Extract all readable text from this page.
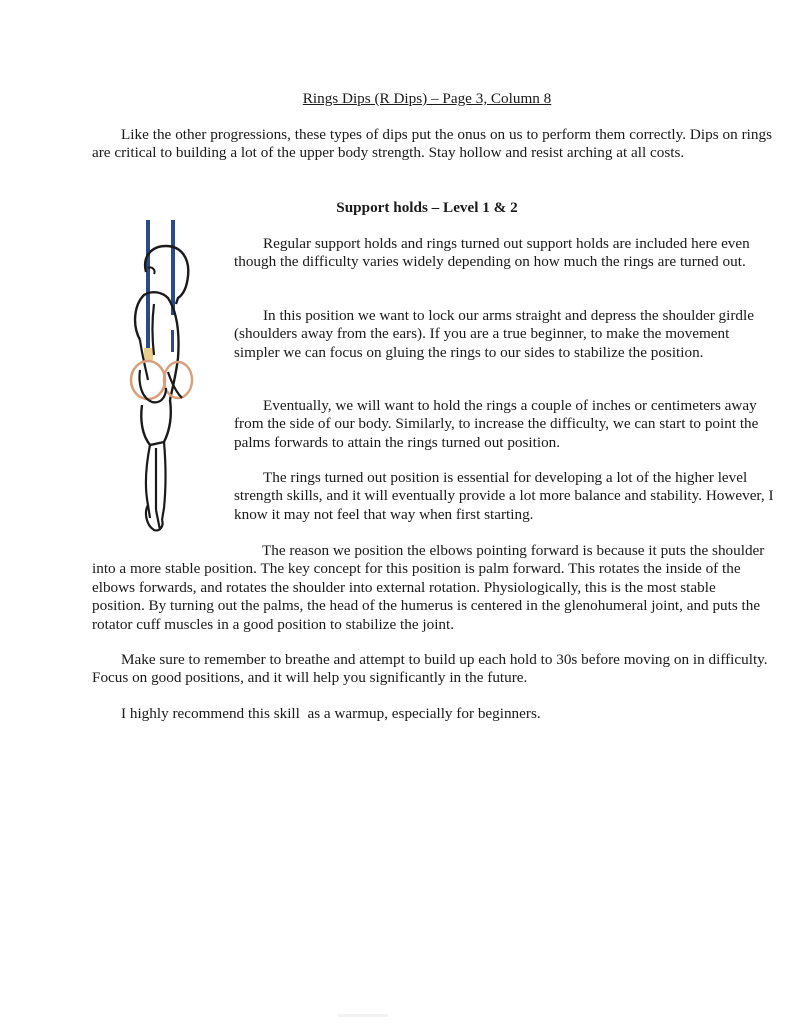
Rings Dips (R Dips) – Page 3, Column 8

Like the other progressions, these types of dips put the onus on us to perform them correctly. Dips on rings are critical to building a lot of the upper body strength. Stay hollow and resist arching at all costs.

Support holds – Level 1 & 2

Regular support holds and rings turned out support holds are included here even though the difficulty varies widely depending on how much the rings are turned out.

In this position we want to lock our arms straight and depress the shoulder girdle (shoulders away from the ears). If you are a true beginner, to make the movement simpler we can focus on gluing the rings to our sides to stabilize the position.

Eventually, we will want to hold the rings a couple of inches or centimeters away from the side of our body. Similarly, to increase the difficulty, we can start to point the palms forwards to attain the rings turned out position.

The rings turned out position is essential for developing a lot of the higher level strength skills, and it will eventually provide a lot more balance and stability. However, I know it may not feel that way when first starting.

The reason we position the elbows pointing forward is because it puts the shoulder into a more stable position. The key concept for this position is palm forward. This rotates the inside of the elbows forwards, and rotates the shoulder into external rotation. Physiologically, this is the most stable position. By turning out the palms, the head of the humerus is centered in the glenohumeral joint, and puts the rotator cuff muscles in a good position to stabilize the joint.

Make sure to remember to breathe and attempt to build up each hold to 30s before moving on in difficulty. Focus on good positions, and it will help you significantly in the future.

I highly recommend this skill  as a warmup, especially for beginners.
